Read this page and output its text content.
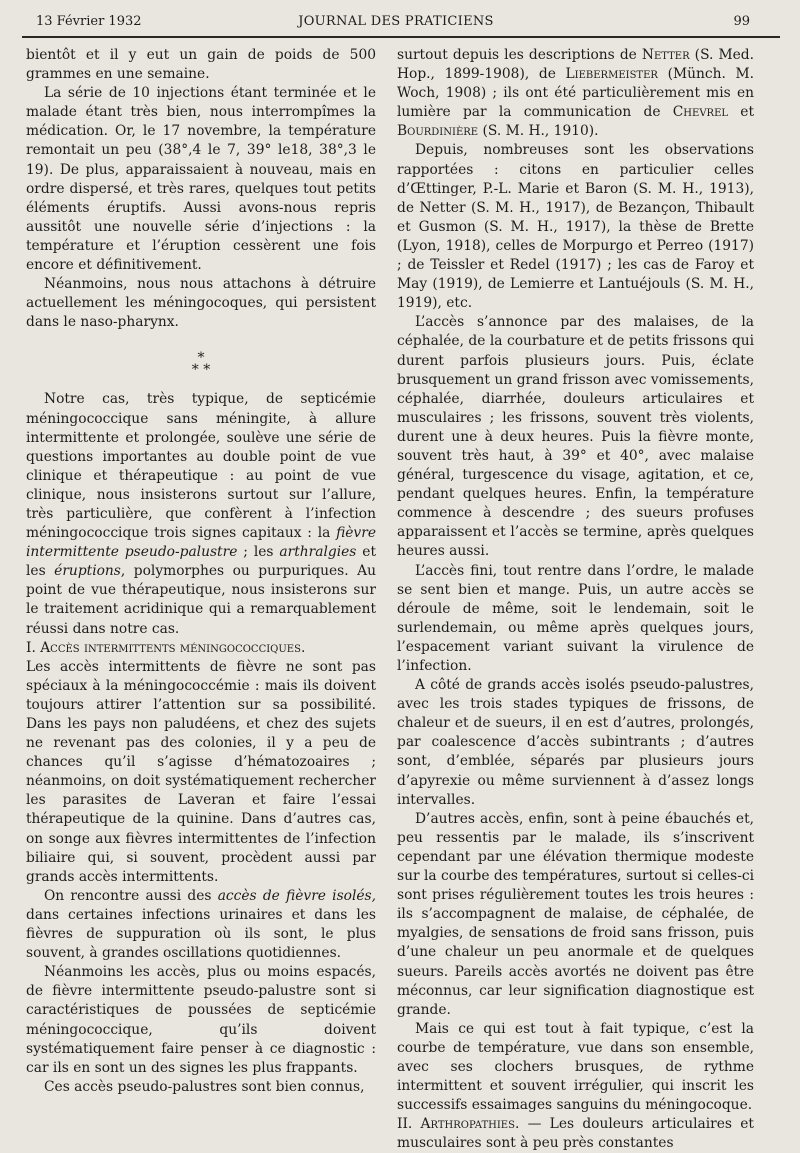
13 Février 1932	JOURNAL DES PRATICIENS	99

bientôt et il y eut un gain de poids de 500 grammes en une semaine.

La série de 10 injections étant terminée et le malade étant très bien, nous interrompîmes la médication. Or, le 17 novembre, la température remontait un peu (38°,4 le 7, 39° le18, 38°,3 le 19). De plus, apparaissaient à nouveau, mais en ordre dispersé, et très rares, quelques tout petits éléments éruptifs. Aussi avons-nous repris aussitôt une nouvelle série d’injections : la température et l’éruption cessèrent une fois encore et définitivement.

Néanmoins, nous nous attachons à détruire actuellement les méningocoques, qui persistent dans le naso-pharynx.

*
* *

Notre cas, très typique, de septicémie méningococcique sans méningite, à allure intermittente et prolongée, soulève une série de questions importantes au double point de vue clinique et thérapeutique : au point de vue clinique, nous insisterons surtout sur l’allure, très particulière, que confèrent à l’infection méningococcique trois signes capitaux : la fièvre intermittente pseudo-palustre ; les arthralgies et les éruptions, polymorphes ou purpuriques. Au point de vue thérapeutique, nous insisterons sur le traitement acridinique qui a remarquablement réussi dans notre cas.

I. Accès intermittents méningococciques.

Les accès intermittents de fièvre ne sont pas spéciaux à la méningococcémie : mais ils doivent toujours attirer l’attention sur sa possibilité. Dans les pays non paludéens, et chez des sujets ne revenant pas des colonies, il y a peu de chances qu’il s’agisse d’hématozoaires ; néanmoins, on doit systématiquement rechercher les parasites de Laveran et faire l’essai thérapeutique de la quinine. Dans d’autres cas, on songe aux fièvres intermittentes de l’infection biliaire qui, si souvent, procèdent aussi par grands accès intermittents.

On rencontre aussi des accès de fièvre isolés, dans certaines infections urinaires et dans les fièvres de suppuration où ils sont, le plus souvent, à grandes oscillations quotidiennes.

Néanmoins les accès, plus ou moins espacés, de fièvre intermittente pseudo-palustre sont si caractéristiques de poussées de septicémie méningococcique, qu’ils doivent systématiquement faire penser à ce diagnostic : car ils en sont un des signes les plus frappants.

Ces accès pseudo-palustres sont bien connus,

surtout depuis les descriptions de Netter (S. Med. Hop., 1899-1908), de Liebermeister (Münch. M. Woch, 1908) ; ils ont été particulièrement mis en lumière par la communication de Chevrel et Bourdinière (S. M. H., 1910).

Depuis, nombreuses sont les observations rapportées : citons en particulier celles d’Œttinger, P.-L. Marie et Baron (S. M. H., 1913), de Netter (S. M. H., 1917), de Bezançon, Thibault et Gusmon (S. M. H., 1917), la thèse de Brette (Lyon, 1918), celles de Morpurgo et Perreo (1917) ; de Teissler et Redel (1917) ; les cas de Faroy et May (1919), de Lemierre et Lantuéjouls (S. M. H., 1919), etc.

L’accès s’annonce par des malaises, de la céphalée, de la courbature et de petits frissons qui durent parfois plusieurs jours. Puis, éclate brusquement un grand frisson avec vomissements, céphalée, diarrhée, douleurs articulaires et musculaires ; les frissons, souvent très violents, durent une à deux heures. Puis la fièvre monte, souvent très haut, à 39° et 40°, avec malaise général, turgescence du visage, agitation, et ce, pendant quelques heures. Enfin, la température commence à descendre ; des sueurs profuses apparaissent et l’accès se termine, après quelques heures aussi.

L’accès fini, tout rentre dans l’ordre, le malade se sent bien et mange. Puis, un autre accès se déroule de même, soit le lendemain, soit le surlendemain, ou même après quelques jours, l’espacement variant suivant la virulence de l’infection.

A côté de grands accès isolés pseudo-palustres, avec les trois stades typiques de frissons, de chaleur et de sueurs, il en est d’autres, prolongés, par coalescence d’accès subintrants ; d’autres sont, d’emblée, séparés par plusieurs jours d’apyrexie ou même surviennent à d’assez longs intervalles.

D’autres accès, enfin, sont à peine ébauchés et, peu ressentis par le malade, ils s’inscrivent cependant par une élévation thermique modeste sur la courbe des températures, surtout si celles-ci sont prises régulièrement toutes les trois heures : ils s’accompagnent de malaise, de céphalée, de myalgies, de sensations de froid sans frisson, puis d’une chaleur un peu anormale et de quelques sueurs. Pareils accès avortés ne doivent pas être méconnus, car leur signification diagnostique est grande.

Mais ce qui est tout à fait typique, c’est la courbe de température, vue dans son ensemble, avec ses clochers brusques, de rythme intermittent et souvent irrégulier, qui inscrit les successifs essaimages sanguins du méningocoque.

II. Arthropathies. — Les douleurs articulaires et musculaires sont à peu près constantes
